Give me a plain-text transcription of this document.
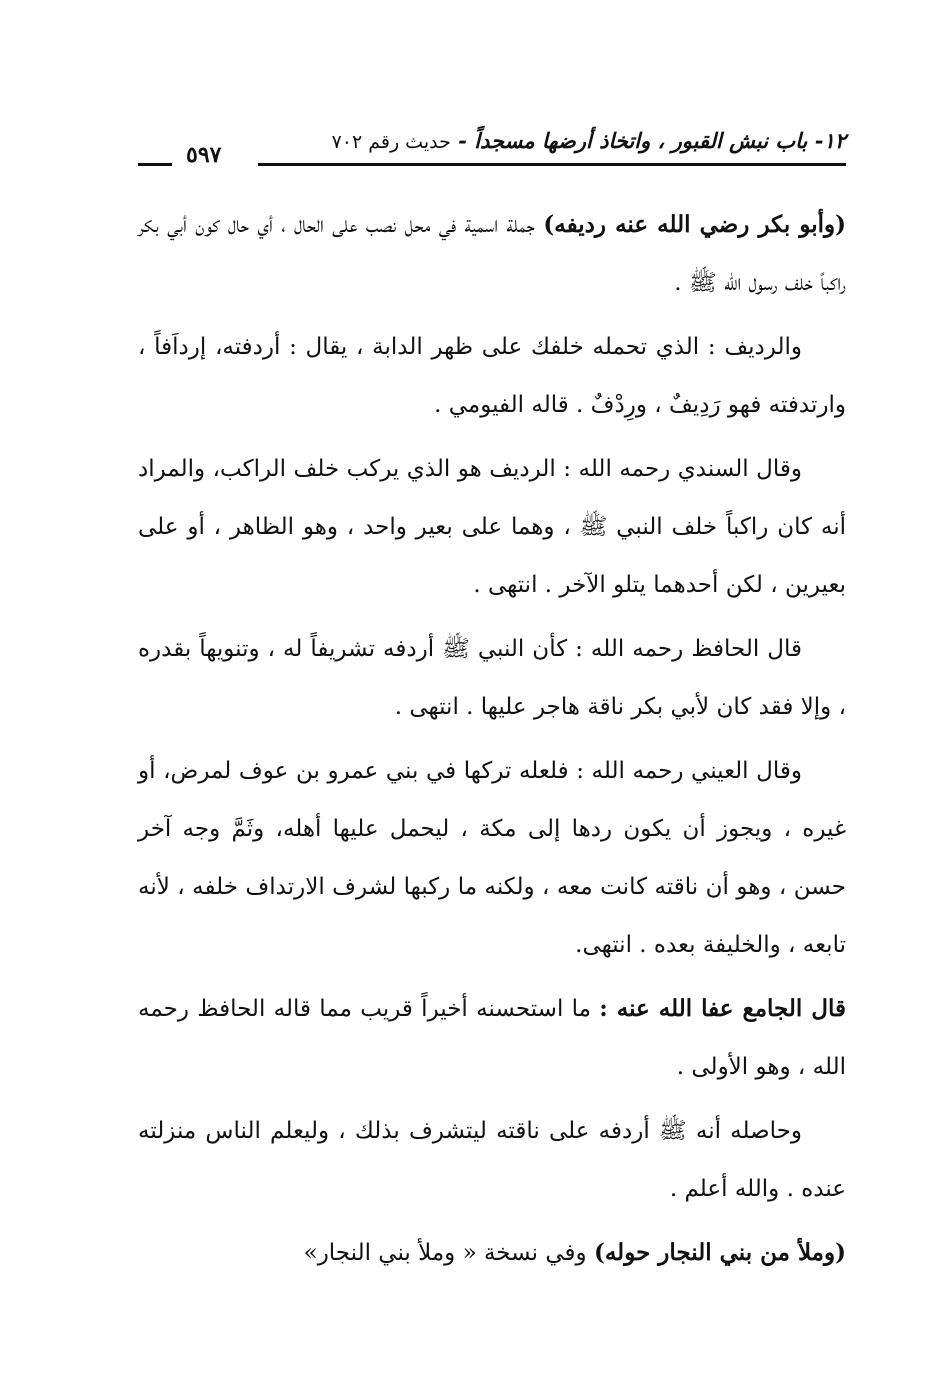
١٢- باب نبش القبور ، واتخاذ أرضها مسجداً - حديث رقم ٧٠٢
٥٩٧

(وأبو بكر رضي الله عنه رديفه) جملة اسمية في محل نصب على الحال ، أي حال كون أبي بكر راكباً خلف رسول الله ﷺ .

والرديف : الذي تحمله خلفك على ظهر الدابة ، يقال : أردفته، إرداَفاً ، وارتدفته فهو رَدِيفٌ ، ورِدْفٌ . قاله الفيومي .

وقال السندي رحمه الله : الرديف هو الذي يركب خلف الراكب، والمراد أنه كان راكباً خلف النبي ﷺ ، وهما على بعير واحد ، وهو الظاهر ، أو على بعيرين ، لكن أحدهما يتلو الآخر . انتهى .

قال الحافظ رحمه الله : كأن النبي ﷺ أردفه تشريفاً له ، وتنويهاً بقدره ، وإلا فقد كان لأبي بكر ناقة هاجر عليها . انتهى .

وقال العيني رحمه الله : فلعله تركها في بني عمرو بن عوف لمرض، أو غيره ، ويجوز أن يكون ردها إلى مكة ، ليحمل عليها أهله، وثَمَّ وجه آخر حسن ، وهو أن ناقته كانت معه ، ولكنه ما ركبها لشرف الارتداف خلفه ، لأنه تابعه ، والخليفة بعده . انتهى.

قال الجامع عفا الله عنه : ما استحسنه أخيراً قريب مما قاله الحافظ رحمه الله ، وهو الأولى .

وحاصله أنه ﷺ أردفه على ناقته ليتشرف بذلك ، وليعلم الناس منزلته عنده . والله أعلم .

(وملأ من بني النجار حوله) وفي نسخة « وملأ بني النجار»
